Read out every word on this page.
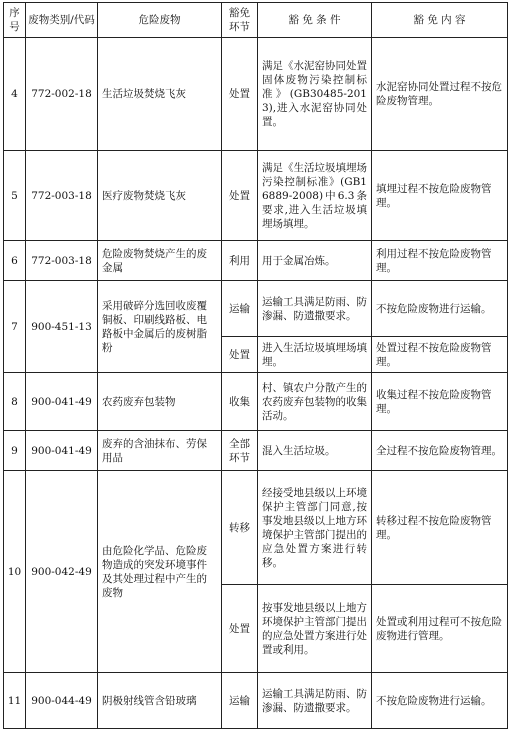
序号	废物类别/代码	危险废物	豁免环节	豁 免 条 件	豁 免 内 容
4	772-002-18	生活垃圾焚烧飞灰	处置	满足《水泥窑协同处置固体废物污染控制标准》(GB30485-2013),进入水泥窑协同处置。	水泥窑协同处置过程不按危险废物管理。
5	772-003-18	医疗废物焚烧飞灰	处置	满足《生活垃圾填埋场污染控制标准》(GB16889-2008)中6.3条要求,进入生活垃圾填埋场填埋。	填埋过程不按危险废物管理。
6	772-003-18	危险废物焚烧产生的废金属	利用	用于金属冶炼。	利用过程不按危险废物管理。
7	900-451-13	采用破碎分选回收废覆铜板、印刷线路板、电路板中金属后的废树脂粉	运输	运输工具满足防雨、防渗漏、防遗撒要求。	不按危险废物进行运输。
			处置	进入生活垃圾填埋场填埋。	处置过程不按危险废物管理。
8	900-041-49	农药废弃包装物	收集	村、镇农户分散产生的农药废弃包装物的收集活动。	收集过程不按危险废物管理。
9	900-041-49	废弃的含油抹布、劳保用品	全部环节	混入生活垃圾。	全过程不按危险废物管理。
10	900-042-49	由危险化学品、危险废物造成的突发环境事件及其处理过程中产生的废物	转移	经接受地县级以上环境保护主管部门同意,按事发地县级以上地方环境保护主管部门提出的应急处置方案进行转移。	转移过程不按危险废物管理。
			处置	按事发地县级以上地方环境保护主管部门提出的应急处置方案进行处置或利用。	处置或利用过程可不按危险废物进行管理。
11	900-044-49	阴极射线管含铅玻璃	运输	运输工具满足防雨、防渗漏、防遗撒要求。	不按危险废物进行运输。
